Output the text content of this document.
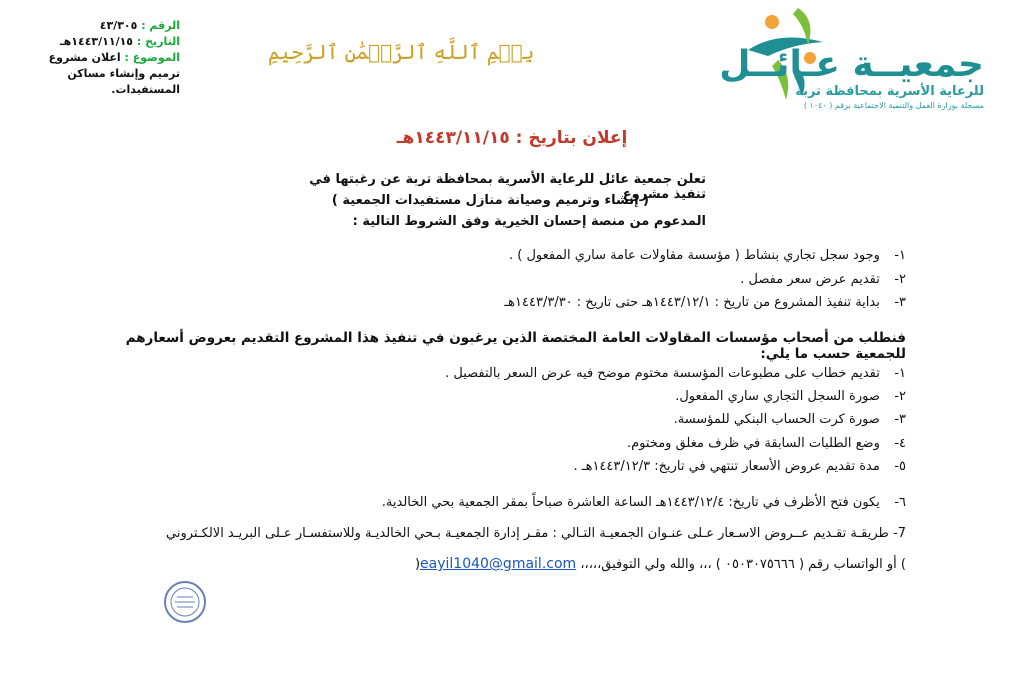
الرقم : ٤٣/٣٠٥
التاريخ : ١٤٤٣/١١/١٥هـ
الموضوع : اعلان مشروع
ترميم وإنشاء مساكن
المستفيدات.
بِسۡمِ ٱللَّهِ ٱلرَّحۡمَٰنِ ٱلرَّحِيمِ	جمعيــة عـائــل
للرعاية الأسرية بمحافظة تربة
مسجلة بوزارة العمل والتنمية الاجتماعية برقم ( ١٠٤٠ )
إعلان بتاريخ : ١٤٤٣/١١/١٥هـ
تعلن جمعية عائل للرعاية الأسرية بمحافظة تربة عن رغبتها في تنفيذ مشروع
( إنشاء وترميم وصيانة منازل مستفيدات الجمعية )
المدعوم من منصة إحسان الخيرية وفق الشروط التالية :
١- وجود سجل تجاري بنشاط ( مؤسسة مقاولات عامة ساري المفعول ) .
٢- تقديم عرض سعر مفصل .
٣- بداية تنفيذ المشروع من تاريخ : ١٤٤٣/١٢/١هـ حتى تاريخ : ١٤٤٣/٣/٣٠هـ
فنطلب من أصحاب مؤسسات المقاولات العامة المختصة الذين يرغبون في تنفيذ هذا المشروع التقديم بعروض أسعارهم للجمعية حسب ما يلي:
١- تقديم خطاب على مطبوعات المؤسسة مختوم موضح فيه عرض السعر بالتفصيل .
٢- صورة السجل التجاري ساري المفعول.
٣- صورة كرت الحساب البنكي للمؤسسة.
٤- وضع الطلبات السابقة في ظرف مغلق ومختوم.
٥- مدة تقديم عروض الأسعار تنتهي في تاريخ: ١٤٤٣/١٢/٣هـ .
٦- يكون فتح الأظرف في تاريخ: ١٤٤٣/١٢/٤هـ الساعة العاشرة صباحاً بمقر الجمعية بحي الخالدية.
7- طريقـة تقـديم عــروض الاسـعار عـلى عنـوان الجمعيـة التـالي : مقـر إدارة الجمعيـة بـحي الخالديـة وللاستفسـار عـلى البريـد الالكـتروني
) أو الواتساب رقم ( ٠٥٠٣٠٧٥٦٦٦ ) ،،، والله ولي التوفيق،،،،، eayil1040@gmail.com(
